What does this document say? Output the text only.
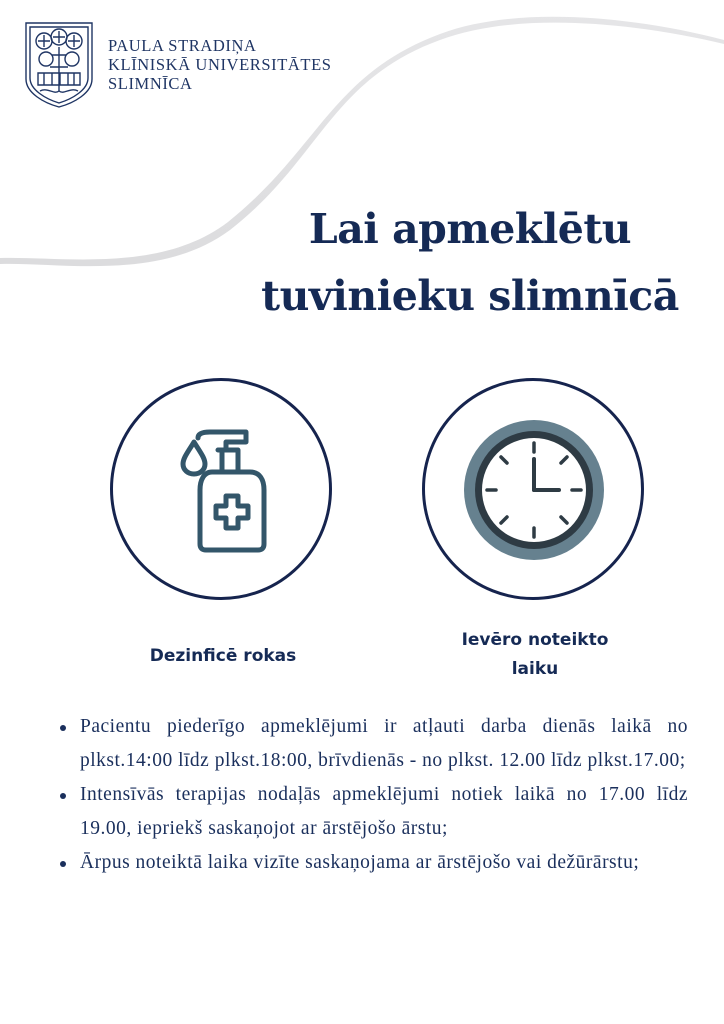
PAULA STRADIŅA
KLĪNISKĀ UNIVERSITĀTES
SLIMNĪCA
Lai apmeklētu
tuvinieku slimnīcā
Dezinficē rokas
Ievēro noteikto
laiku
Pacientu piederīgo apmeklējumi ir atļauti darba dienās laikā no plkst.14:00 līdz plkst.18:00, brīvdienās - no plkst. 12.00 līdz plkst.17.00;
Intensīvās terapijas nodaļās apmeklējumi notiek laikā no 17.00 līdz 19.00, iepriekš saskaņojot ar ārstējošo ārstu;
Ārpus noteiktā laika vizīte saskaņojama ar ārstējošo vai dežūrārstu;
